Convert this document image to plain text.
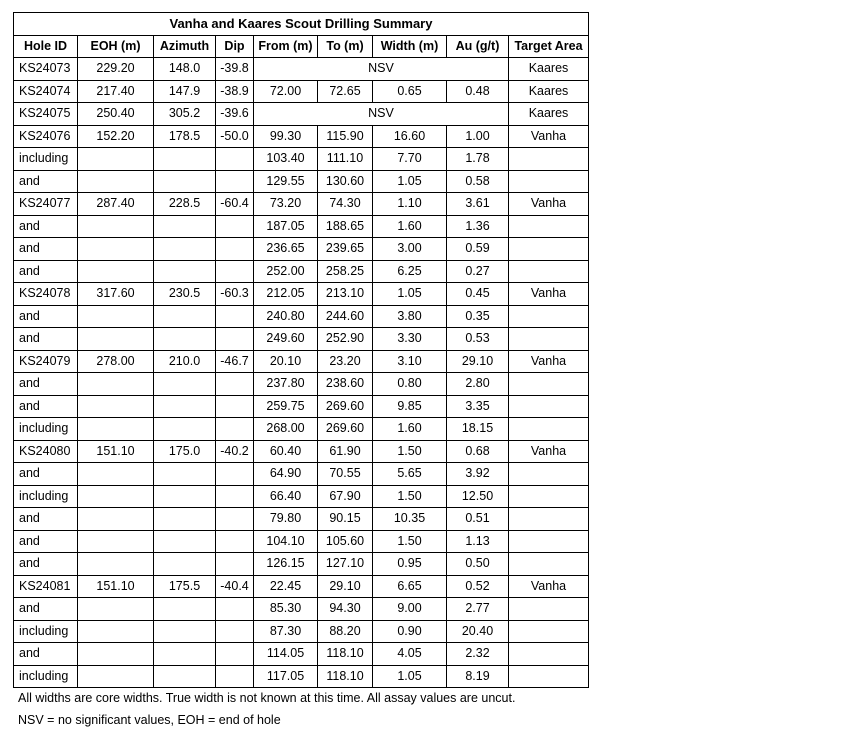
Vanha and Kaares Scout Drilling Summary								
Hole ID	EOH (m)	Azimuth	Dip	From (m)	To (m)	Width (m)	Au (g/t)	Target Area
KS24073	229.20	148.0	-39.8	NSV				Kaares
KS24074	217.40	147.9	-38.9	72.00	72.65	0.65	0.48	Kaares
KS24075	250.40	305.2	-39.6	NSV				Kaares
KS24076	152.20	178.5	-50.0	99.30	115.90	16.60	1.00	Vanha
including				103.40	111.10	7.70	1.78	
and				129.55	130.60	1.05	0.58	
KS24077	287.40	228.5	-60.4	73.20	74.30	1.10	3.61	Vanha
and				187.05	188.65	1.60	1.36	
and				236.65	239.65	3.00	0.59	
and				252.00	258.25	6.25	0.27	
KS24078	317.60	230.5	-60.3	212.05	213.10	1.05	0.45	Vanha
and				240.80	244.60	3.80	0.35	
and				249.60	252.90	3.30	0.53	
KS24079	278.00	210.0	-46.7	20.10	23.20	3.10	29.10	Vanha
and				237.80	238.60	0.80	2.80	
and				259.75	269.60	9.85	3.35	
including				268.00	269.60	1.60	18.15	
KS24080	151.10	175.0	-40.2	60.40	61.90	1.50	0.68	Vanha
and				64.90	70.55	5.65	3.92	
including				66.40	67.90	1.50	12.50	
and				79.80	90.15	10.35	0.51	
and				104.10	105.60	1.50	1.13	
and				126.15	127.10	0.95	0.50	
KS24081	151.10	175.5	-40.4	22.45	29.10	6.65	0.52	Vanha
and				85.30	94.30	9.00	2.77	
including				87.30	88.20	0.90	20.40	
and				114.05	118.10	4.05	2.32	
including				117.05	118.10	1.05	8.19	
All widths are core widths. True width is not known at this time. All assay values are uncut.
NSV = no significant values, EOH = end of hole
